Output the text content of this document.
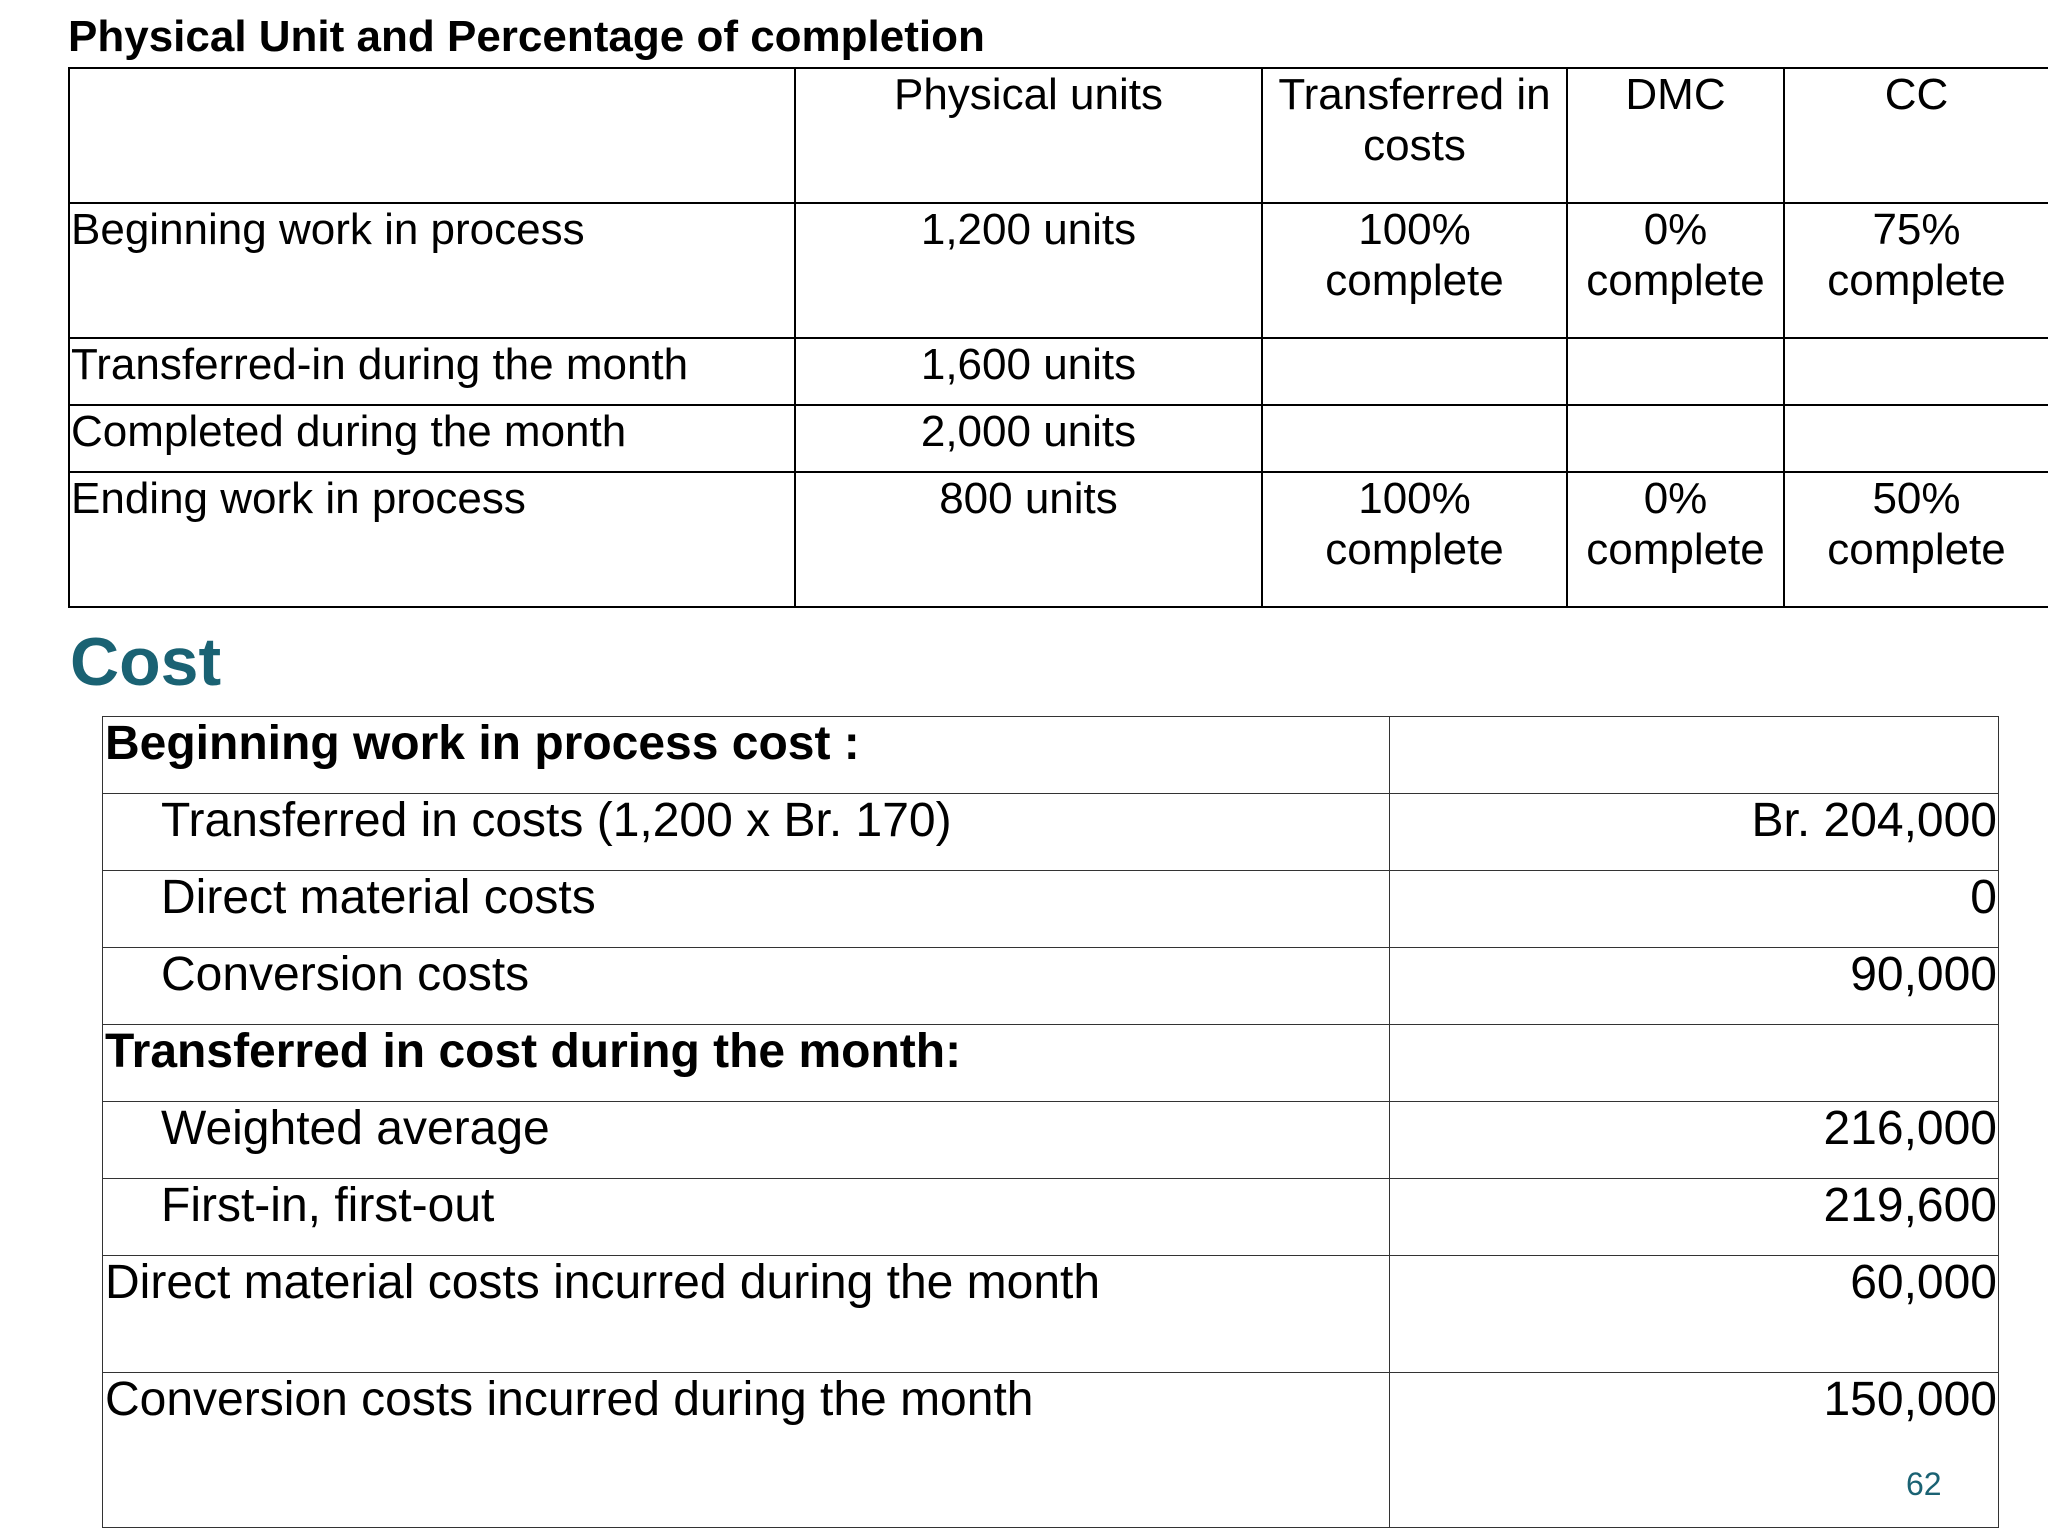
Physical Unit and Percentage of completion
	Physical units	Transferred in costs	DMC	CC
Beginning work in process	1,200 units	100% complete	0% complete	75% complete
Transferred-in during the month	1,600 units			
Completed during the month	2,000 units			
Ending work in process	800 units	100% complete	0% complete	50% complete
Cost
Beginning work in process cost :	
Transferred in costs (1,200 x Br. 170)	Br. 204,000
Direct material costs	0
Conversion costs	90,000
Transferred in cost during the month:	
Weighted average	216,000
First-in, first-out	219,600
Direct material costs incurred during the month	60,000
Conversion costs incurred during the month	150,000
62
